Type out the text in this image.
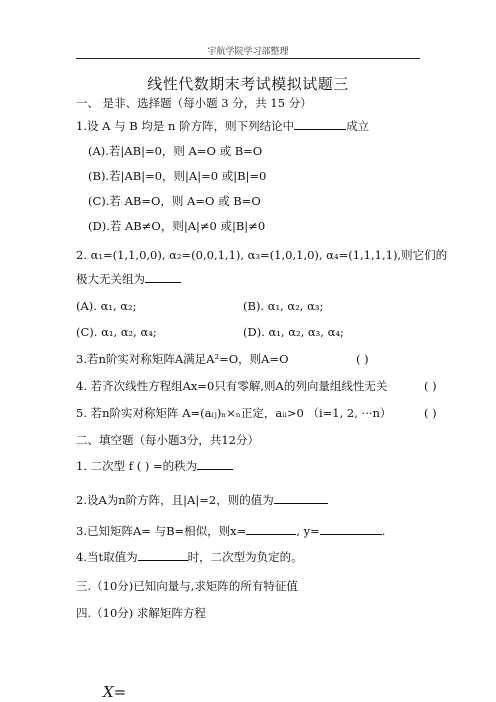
宇航学院学习部整理
线性代数期末考试模拟试题三
一、 是非、选择题（每小题 3 分，共 15 分）
1.设 A 与 B 均是 n 阶方阵，则下列结论中	成立
(A).若|AB|=0，则 A=O 或 B=O
(B).若|AB|=0，则|A|=0 或|B|=0
(C).若 AB=O，则 A=O 或 B=O
(D).若 AB≠O，则|A|≠0 或|B|≠0
2. α₁=(1,1,0,0), α₂=(0,0,1,1), α₃=(1,0,1,0), α₄=(1,1,1,1),则它们的
极大无关组为
(A). α₁, α₂;	(B). α₁, α₂, α₃;
(C). α₁, α₂, α₄;	(D). α₁, α₂, α₃, α₄;
3.若n阶实对称矩阵A满足A²=O，则A=O	( )
4. 若齐次线性方程组Ax=0只有零解,则A的列向量组线性无关	( )
5. 若n阶实对称矩阵 A=(aᵢⱼ)ₙ×ₙ正定，aᵢᵢ>0 （i=1, 2, ···n）	( )
二、填空题（每小题3分，共12分）
1. 二次型 f ( ) =的秩为
2.设A为n阶方阵，且|A|=2，则的值为
3.已知矩阵A= 与B=相似，则x=	, y=	.
4.当t取值为	时，二次型为负定的。
三.（10分)已知向量与,求矩阵的所有特征值
四.（10分) 求解矩阵方程
X=
